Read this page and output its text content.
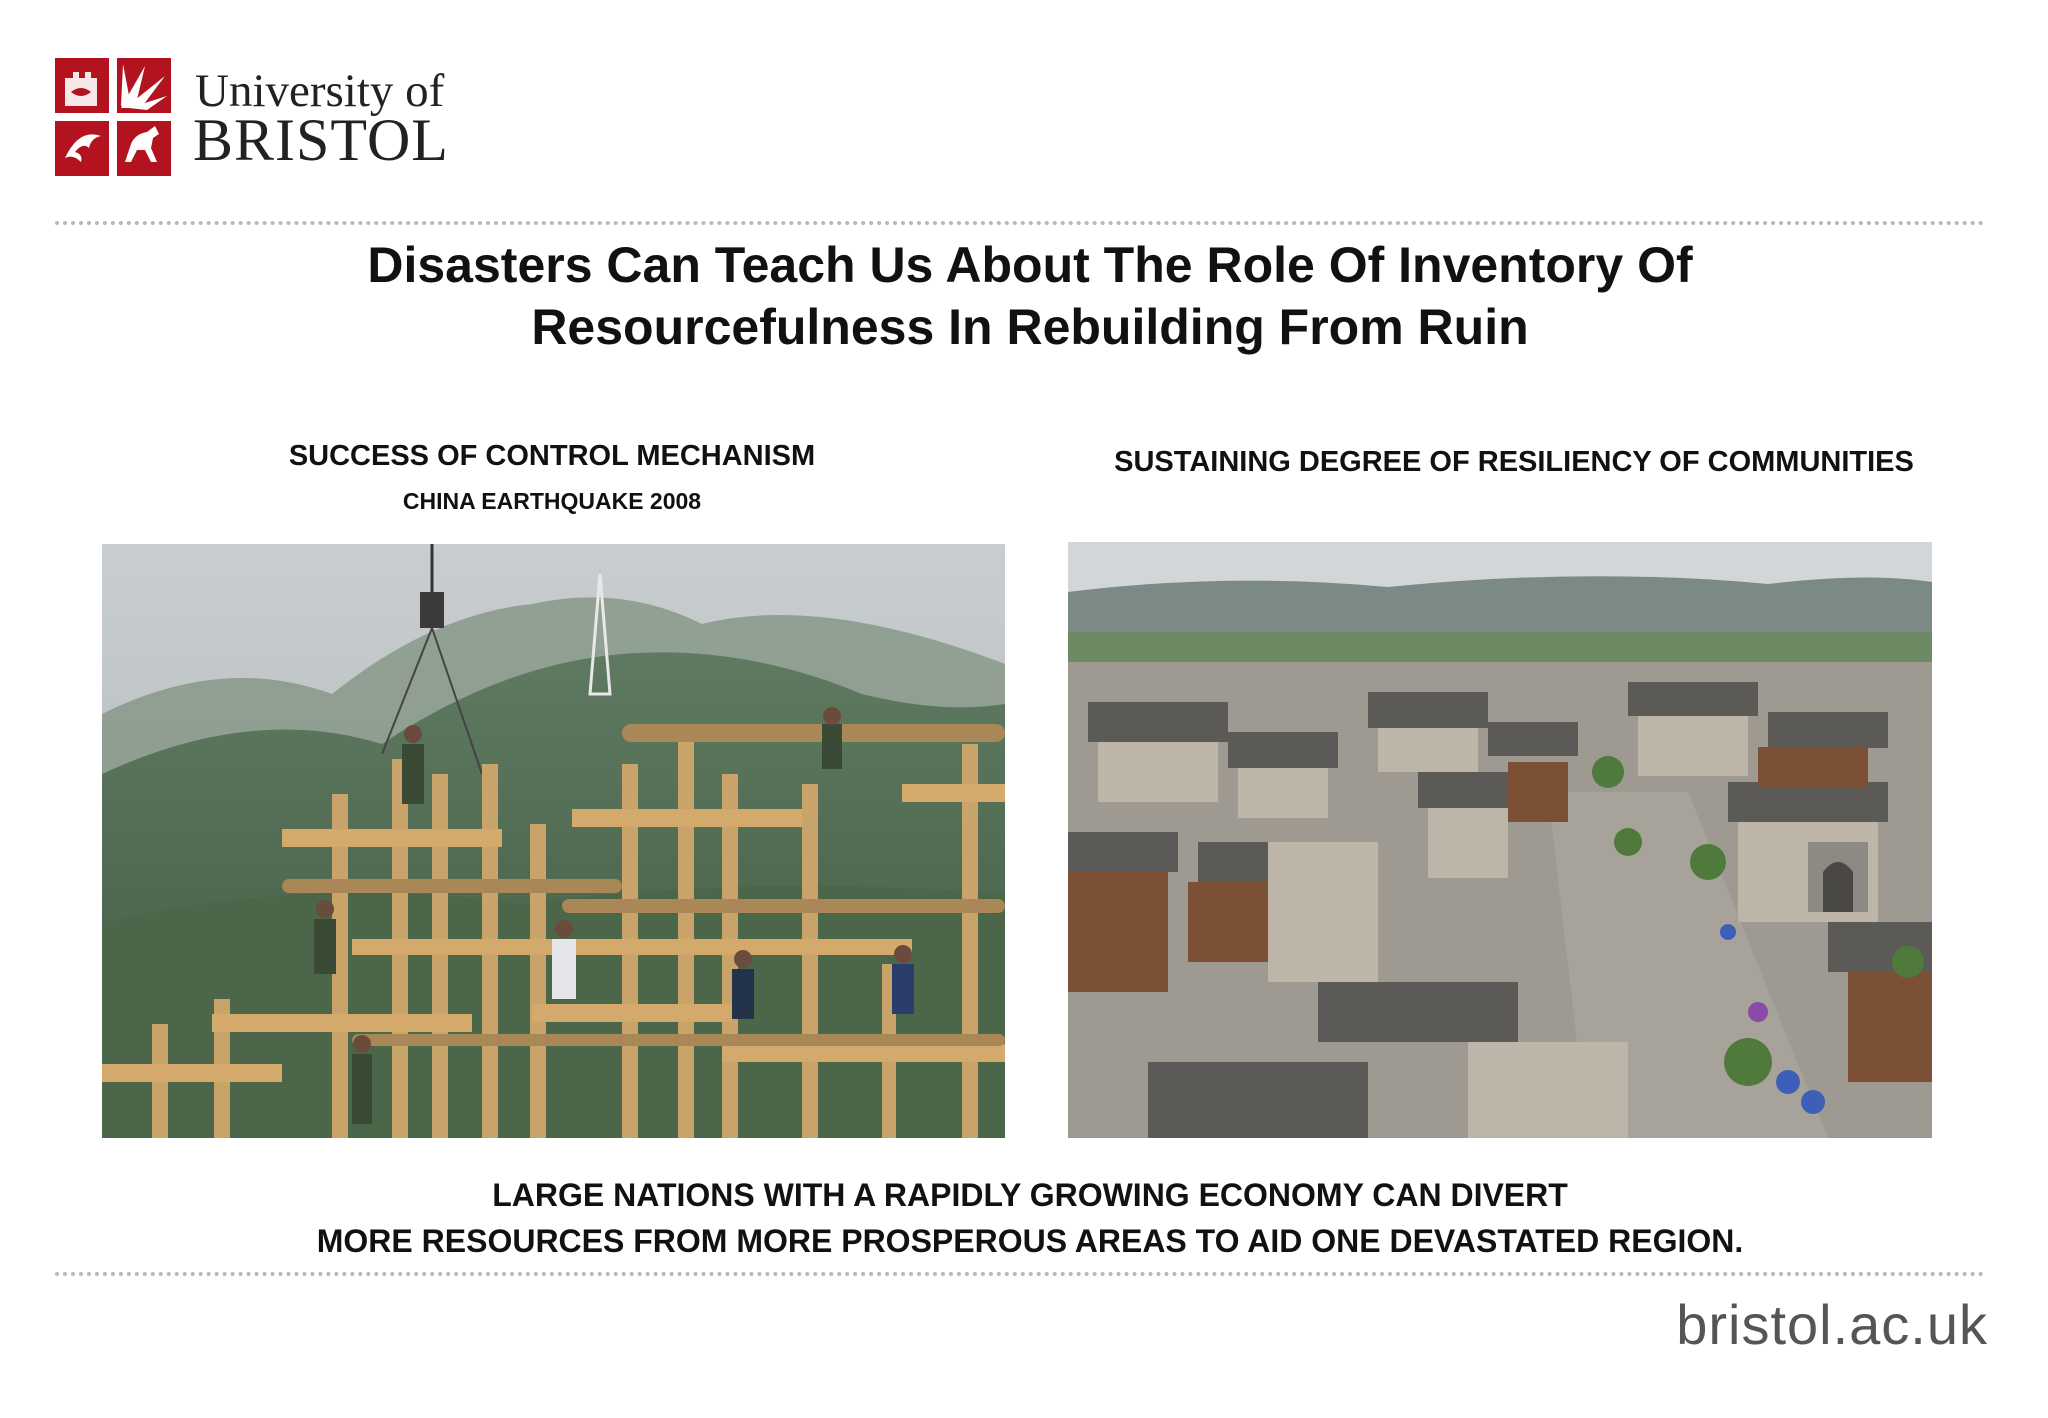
University of
BRISTOL
Disasters Can Teach Us About The Role Of Inventory Of
Resourcefulness In Rebuilding From Ruin
SUCCESS OF CONTROL MECHANISM
CHINA EARTHQUAKE 2008
SUSTAINING DEGREE OF RESILIENCY OF COMMUNITIES
LARGE NATIONS WITH A RAPIDLY GROWING ECONOMY CAN DIVERT
MORE RESOURCES FROM MORE PROSPEROUS AREAS TO AID ONE DEVASTATED REGION.
bristol.ac.uk
